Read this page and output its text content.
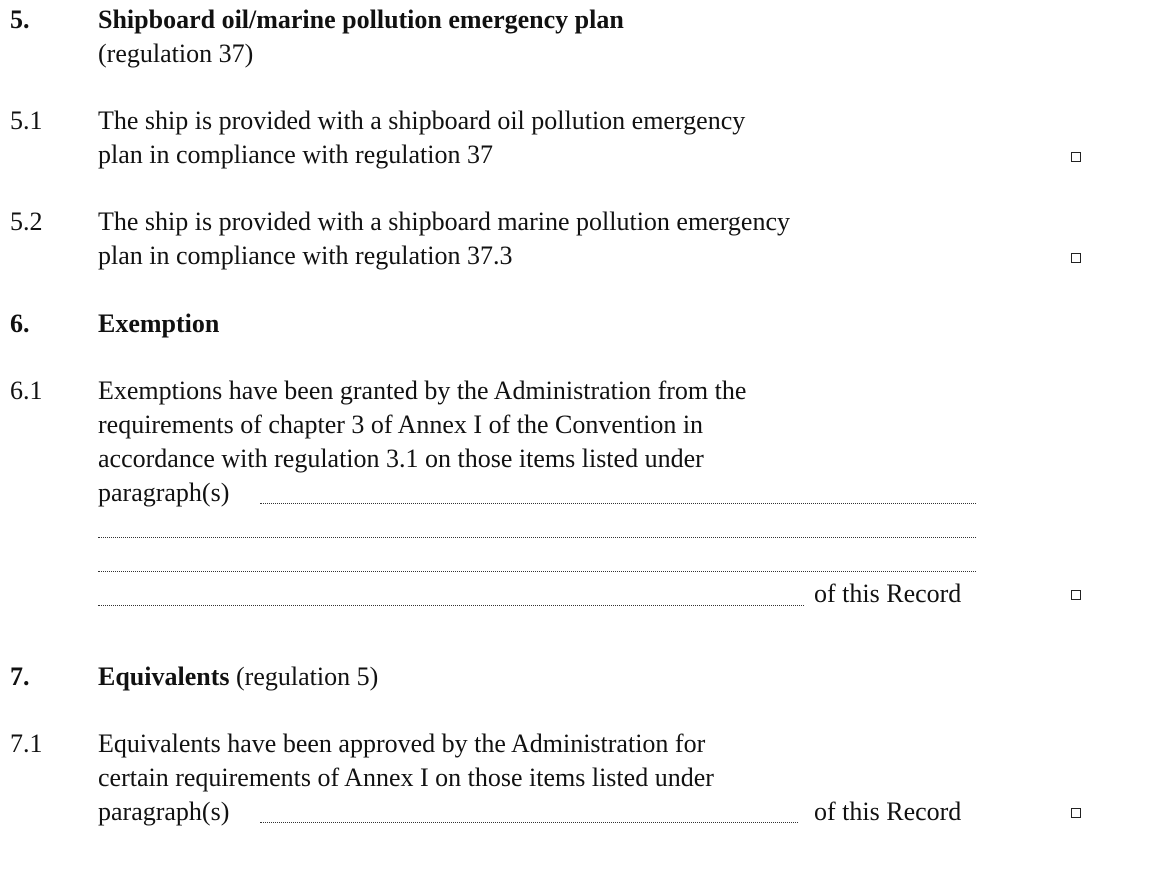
5.	Shipboard oil/marine pollution emergency plan
(regulation 37)
5.1 The ship is provided with a shipboard oil pollution emergency
plan in compliance with regulation 37
5.2 The ship is provided with a shipboard marine pollution emergency
plan in compliance with regulation 37.3
6.	Exemption
6.1 Exemptions have been granted by the Administration from the
requirements of chapter 3 of Annex I of the Convention in
accordance with regulation 3.1 on those items listed under
paragraph(s)
of this Record
7.	Equivalents (regulation 5)
7.1 Equivalents have been approved by the Administration for
certain requirements of Annex I on those items listed under
paragraph(s)	of this Record
